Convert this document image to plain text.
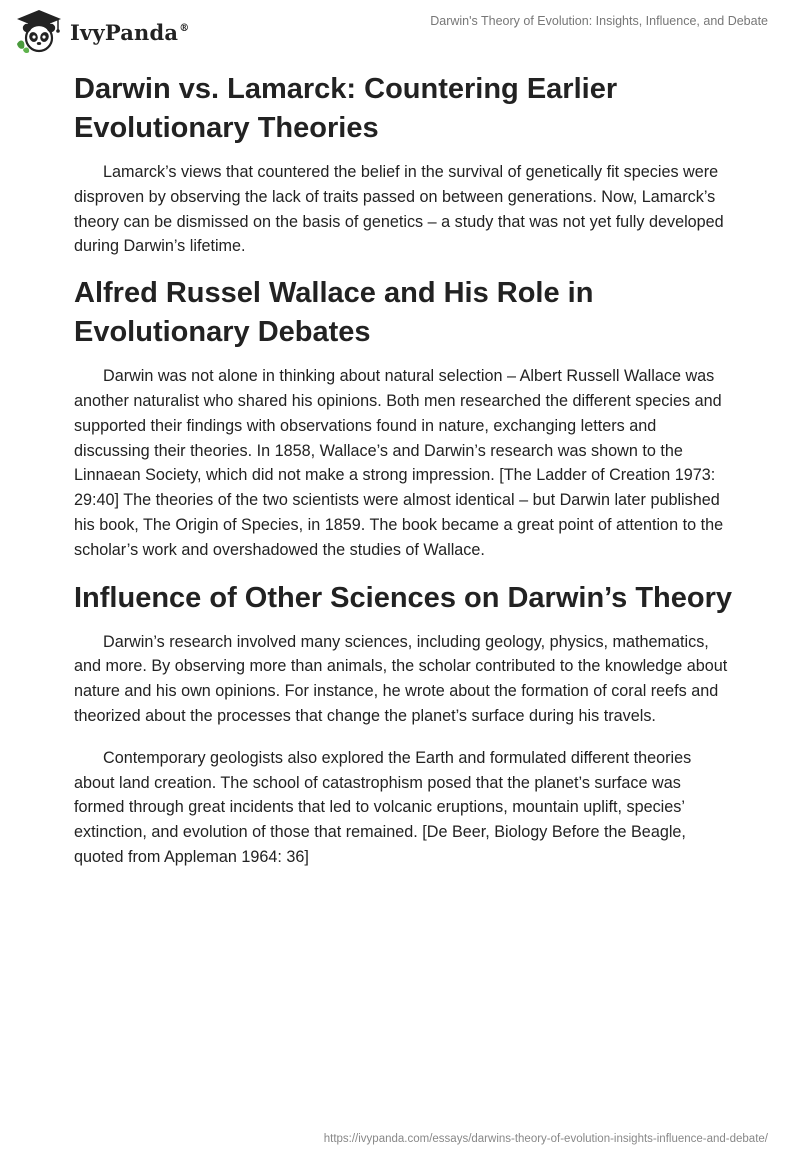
IvyPanda®	Darwin's Theory of Evolution: Insights, Influence, and Debate
Darwin vs. Lamarck: Countering Earlier Evolutionary Theories

Lamarck’s views that countered the belief in the survival of genetically fit species were disproven by observing the lack of traits passed on between generations. Now, Lamarck’s theory can be dismissed on the basis of genetics – a study that was not yet fully developed during Darwin’s lifetime.

Alfred Russel Wallace and His Role in Evolutionary Debates

Darwin was not alone in thinking about natural selection – Albert Russell Wallace was another naturalist who shared his opinions. Both men researched the different species and supported their findings with observations found in nature, exchanging letters and discussing their theories. In 1858, Wallace’s and Darwin’s research was shown to the Linnaean Society, which did not make a strong impression. [The Ladder of Creation 1973: 29:40] The theories of the two scientists were almost identical – but Darwin later published his book, The Origin of Species, in 1859. The book became a great point of attention to the scholar’s work and overshadowed the studies of Wallace.

Influence of Other Sciences on Darwin’s Theory

Darwin’s research involved many sciences, including geology, physics, mathematics, and more. By observing more than animals, the scholar contributed to the knowledge about nature and his own opinions. For instance, he wrote about the formation of coral reefs and theorized about the processes that change the planet’s surface during his travels.

Contemporary geologists also explored the Earth and formulated different theories about land creation. The school of catastrophism posed that the planet’s surface was formed through great incidents that led to volcanic eruptions, mountain uplift, species’ extinction, and evolution of those that remained. [De Beer, Biology Before the Beagle, quoted from Appleman 1964: 36]

https://ivypanda.com/essays/darwins-theory-of-evolution-insights-influence-and-debate/
